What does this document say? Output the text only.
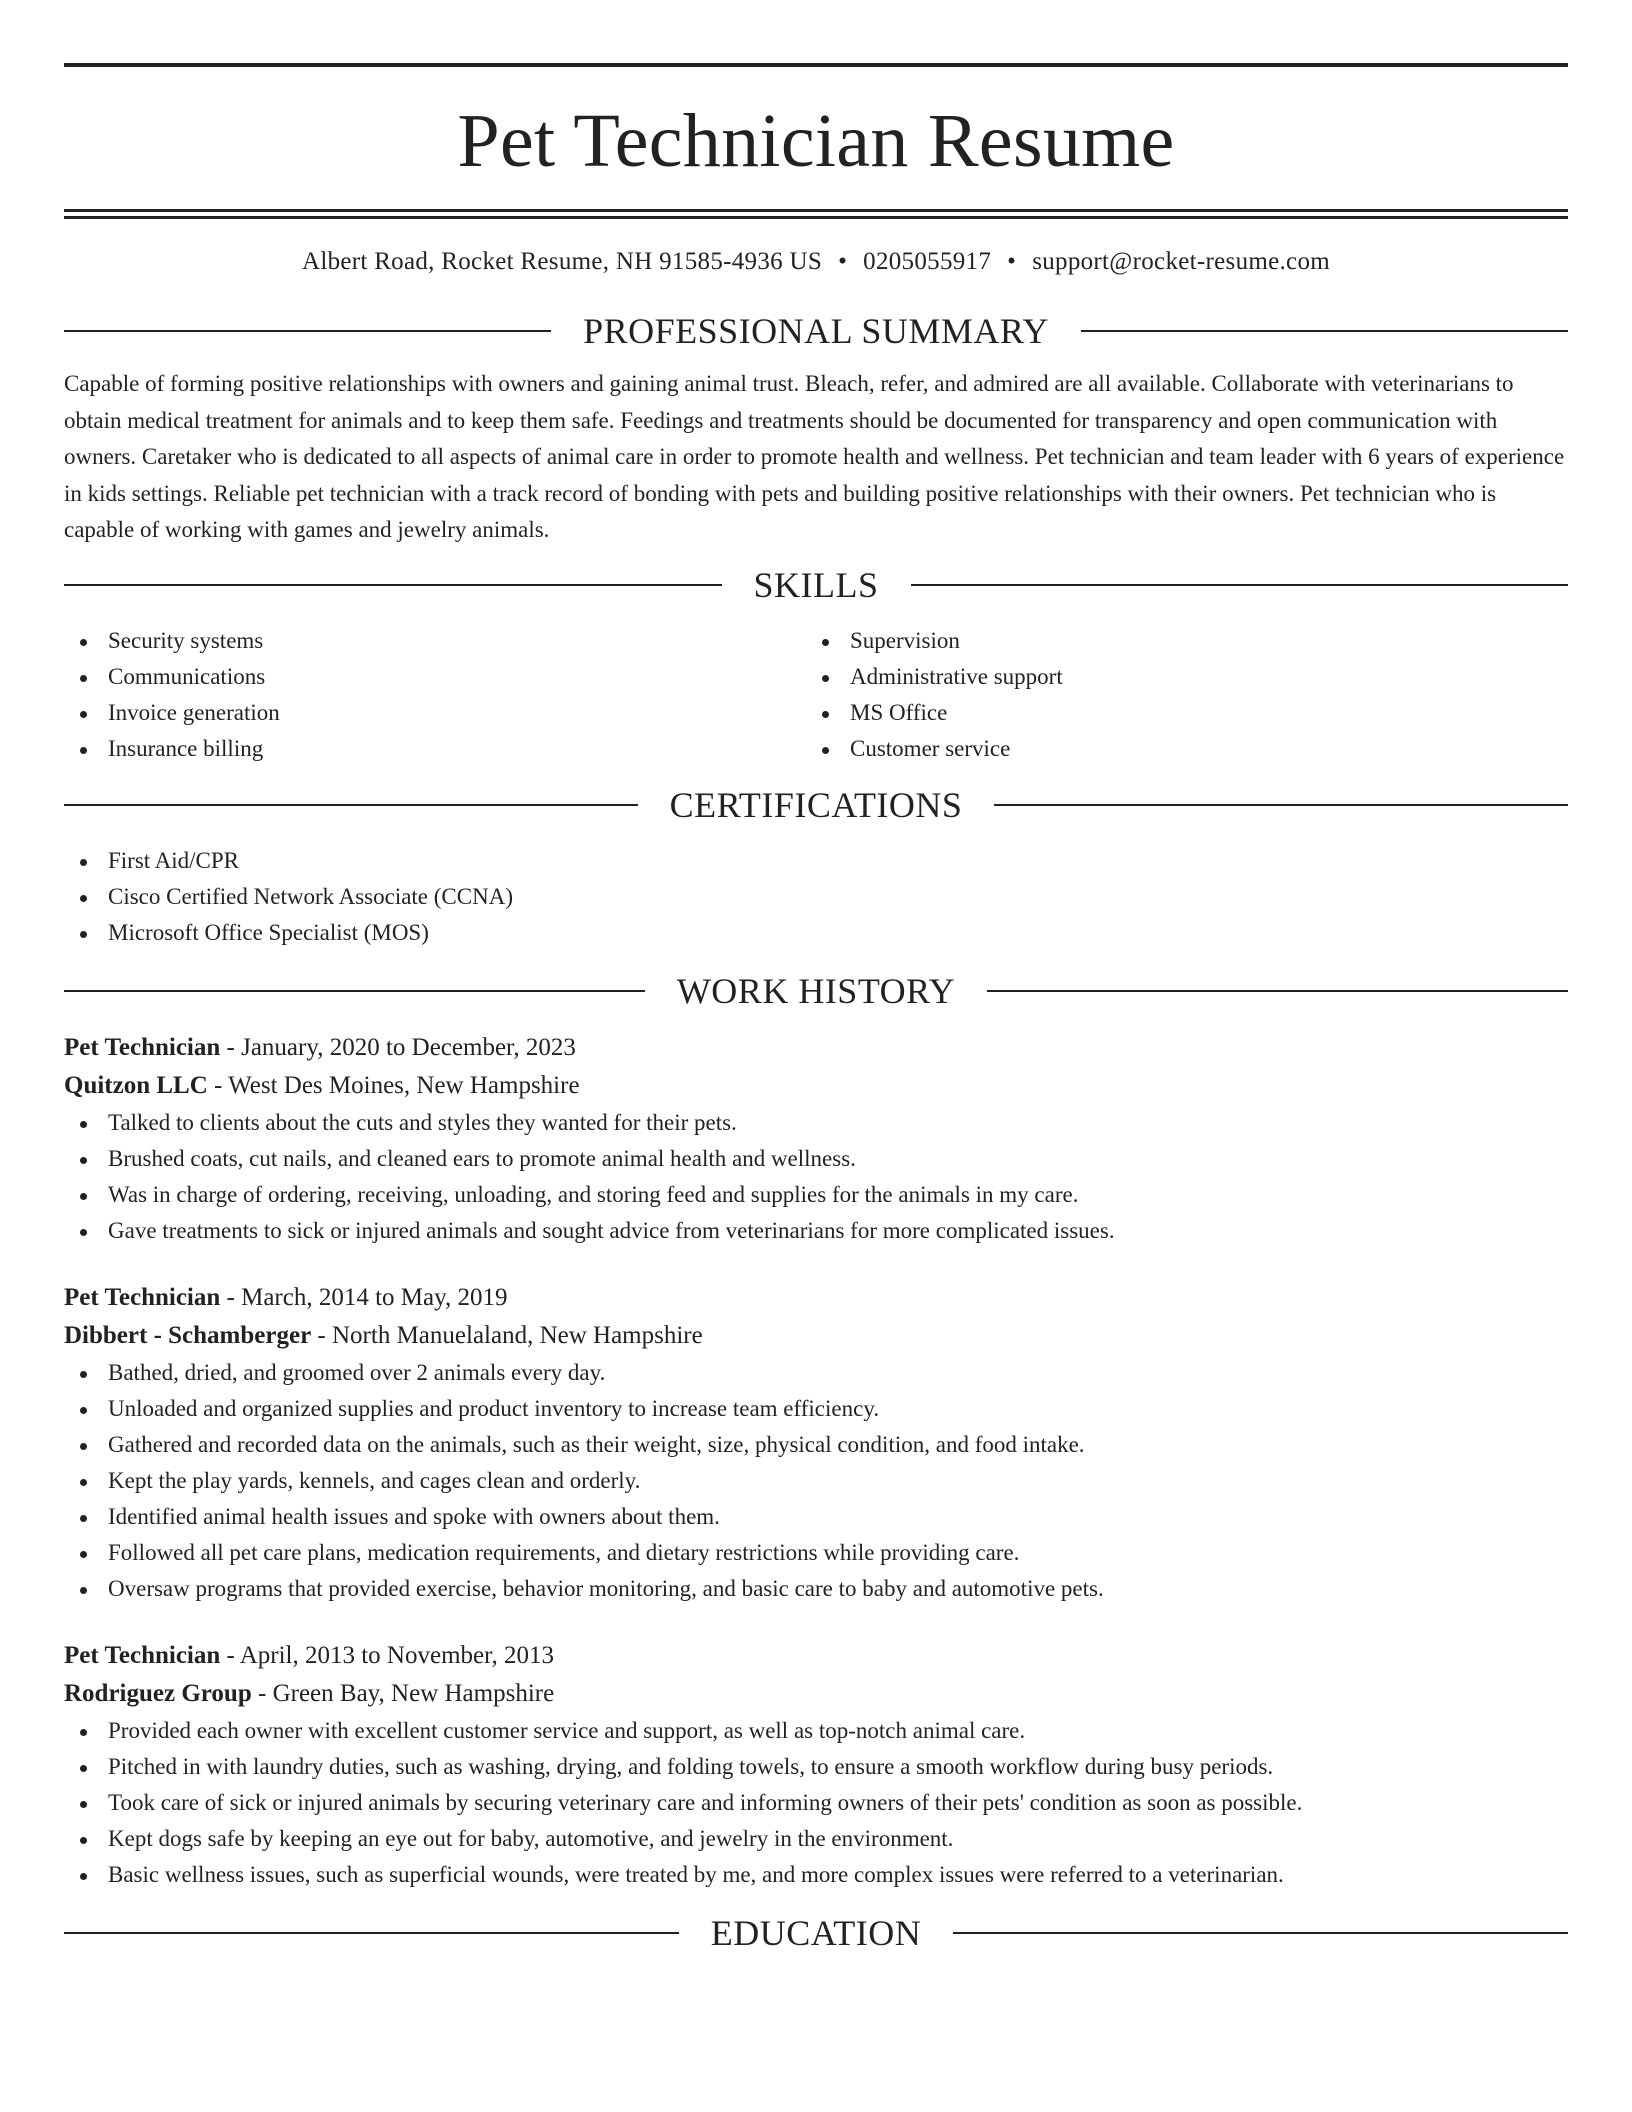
Pet Technician Resume
Albert Road, Rocket Resume, NH 91585-4936 US • 0205055917 • support@rocket-resume.com
PROFESSIONAL SUMMARY

Capable of forming positive relationships with owners and gaining animal trust. Bleach, refer, and admired are all available. Collaborate with veterinarians to obtain medical treatment for animals and to keep them safe. Feedings and treatments should be documented for transparency and open communication with owners. Caretaker who is dedicated to all aspects of animal care in order to promote health and wellness. Pet technician and team leader with 6 years of experience in kids settings. Reliable pet technician with a track record of bonding with pets and building positive relationships with their owners. Pet technician who is capable of working with games and jewelry animals.

SKILLS
Security systems
Communications
Invoice generation
Insurance billing
Supervision
Administrative support
MS Office
Customer service
CERTIFICATIONS
First Aid/CPR
Cisco Certified Network Associate (CCNA)
Microsoft Office Specialist (MOS)
WORK HISTORY
Pet Technician - January, 2020 to December, 2023
Quitzon LLC - West Des Moines, New Hampshire
Talked to clients about the cuts and styles they wanted for their pets.
Brushed coats, cut nails, and cleaned ears to promote animal health and wellness.
Was in charge of ordering, receiving, unloading, and storing feed and supplies for the animals in my care.
Gave treatments to sick or injured animals and sought advice from veterinarians for more complicated issues.
Pet Technician - March, 2014 to May, 2019
Dibbert - Schamberger - North Manuelaland, New Hampshire
Bathed, dried, and groomed over 2 animals every day.
Unloaded and organized supplies and product inventory to increase team efficiency.
Gathered and recorded data on the animals, such as their weight, size, physical condition, and food intake.
Kept the play yards, kennels, and cages clean and orderly.
Identified animal health issues and spoke with owners about them.
Followed all pet care plans, medication requirements, and dietary restrictions while providing care.
Oversaw programs that provided exercise, behavior monitoring, and basic care to baby and automotive pets.
Pet Technician - April, 2013 to November, 2013
Rodriguez Group - Green Bay, New Hampshire
Provided each owner with excellent customer service and support, as well as top-notch animal care.
Pitched in with laundry duties, such as washing, drying, and folding towels, to ensure a smooth workflow during busy periods.
Took care of sick or injured animals by securing veterinary care and informing owners of their pets' condition as soon as possible.
Kept dogs safe by keeping an eye out for baby, automotive, and jewelry in the environment.
Basic wellness issues, such as superficial wounds, were treated by me, and more complex issues were referred to a veterinarian.
EDUCATION
